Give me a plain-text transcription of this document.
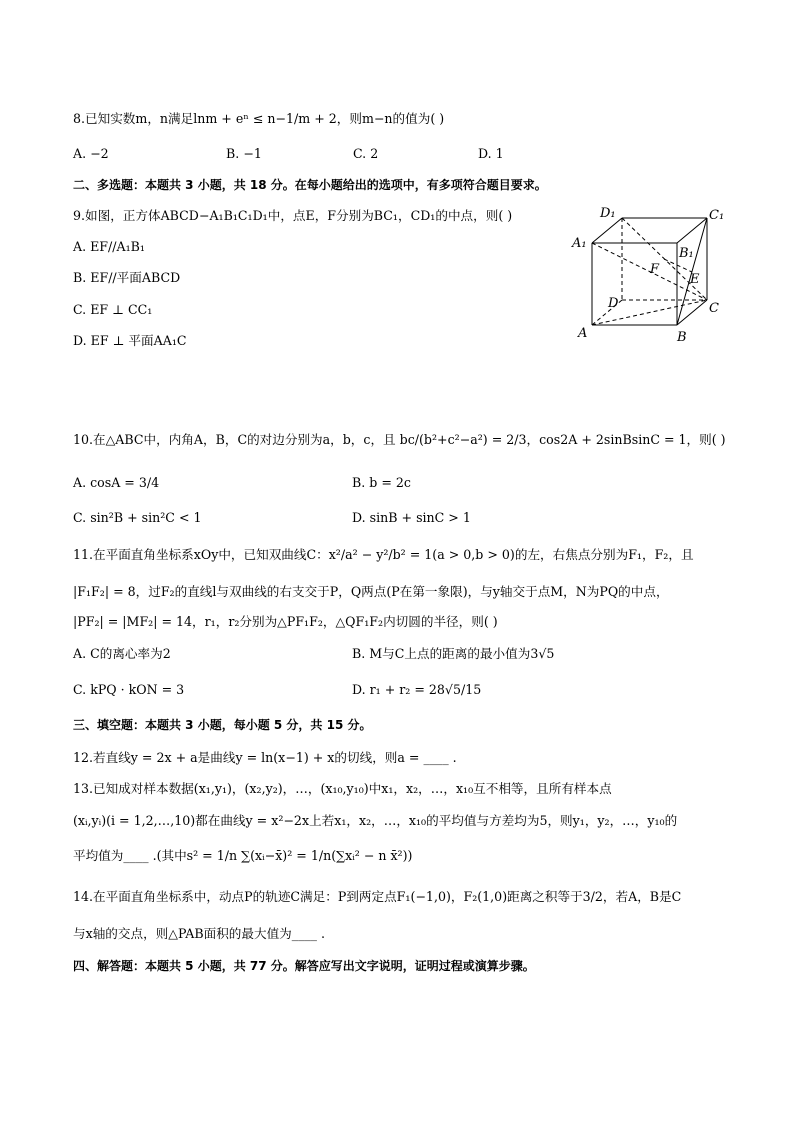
8.已知实数m，n满足lnm + eⁿ ≤ n−1/m + 2，则m−n的值为( )
A. −2	B. −1	C. 2	D. 1
二、多选题：本题共 3 小题，共 18 分。在每小题给出的选项中，有多项符合题目要求。
9.如图，正方体ABCD−A₁B₁C₁D₁中，点E，F分别为BC₁，CD₁的中点，则( )
A. EF//A₁B₁
B. EF//平面ABCD
C. EF ⊥ CC₁
D. EF ⊥ 平面AA₁C
D₁	C₁
A₁
B₁
F
E
D	C
A	B
10.在△ABC中，内角A，B，C的对边分别为a，b，c，且 bc/(b²+c²−a²) = 2/3，cos2A + 2sinBsinC = 1，则( )
A. cosA = 3/4	B. b = 2c
C. sin²B + sin²C < 1	D. sinB + sinC > 1
11.在平面直角坐标系xOy中，已知双曲线C：x²/a² − y²/b² = 1(a > 0,b > 0)的左，右焦点分别为F₁，F₂，且
|F₁F₂| = 8，过F₂的直线l与双曲线的右支交于P，Q两点(P在第一象限)，与y轴交于点M，N为PQ的中点，
|PF₂| = |MF₂| = 14，r₁，r₂分别为△PF₁F₂，△QF₁F₂内切圆的半径，则( )
A. C的离心率为2	B. M与C上点的距离的最小值为3√5
C. kPQ · kON = 3	D. r₁ + r₂ = 28√5/15
三、填空题：本题共 3 小题，每小题 5 分，共 15 分。
12.若直线y = 2x + a是曲线y = ln(x−1) + x的切线，则a = ____ .
13.已知成对样本数据(x₁,y₁)，(x₂,y₂)，…，(x₁₀,y₁₀)中x₁，x₂，…，x₁₀互不相等，且所有样本点
(xᵢ,yᵢ)(i = 1,2,…,10)都在曲线y = x²−2x上若x₁，x₂，…，x₁₀的平均值与方差均为5，则y₁，y₂，…，y₁₀的
平均值为____ .(其中s² = 1/n ∑(xᵢ−x̄)² = 1/n(∑xᵢ² − n x̄²))
14.在平面直角坐标系中，动点P的轨迹C满足：P到两定点F₁(−1,0)，F₂(1,0)距离之积等于3/2，若A，B是C
与x轴的交点，则△PAB面积的最大值为____ .
四、解答题：本题共 5 小题，共 77 分。解答应写出文字说明，证明过程或演算步骤。
